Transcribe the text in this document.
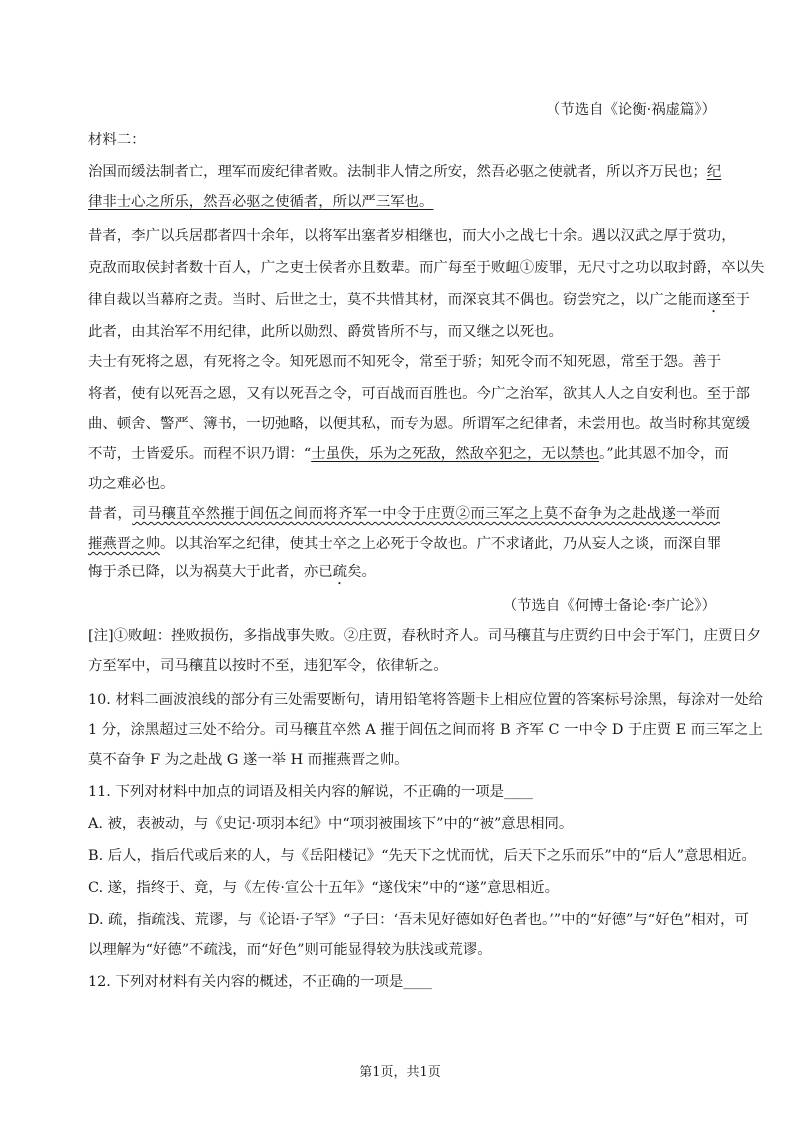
（节选自《论衡·祸虚篇》）
材料二：
治国而缓法制者亡，理军而废纪律者败。法制非人情之所安，然吾必驱之使就者，所以齐万民也；纪
律非士心之所乐，然吾必驱之使循者，所以严三军也。
昔者，李广以兵居郡者四十余年，以将军出塞者岁相继也，而大小之战七十余。遇以汉武之厚于赏功，
克敌而取侯封者数十百人，广之吏士侯者亦且数辈。而广每至于败衄①废罪，无尺寸之功以取封爵，卒以失
律自裁以当幕府之责。当时、后世之士，莫不共惜其材，而深哀其不偶也。窃尝究之，以广之能而遂至于
此者，由其治军不用纪律，此所以勋烈、爵赏皆所不与，而又继之以死也。
夫士有死将之恩，有死将之令。知死恩而不知死令，常至于骄；知死令而不知死恩，常至于怨。善于
将者，使有以死吾之恩，又有以死吾之令，可百战而百胜也。今广之治军，欲其人人之自安利也。至于部
曲、顿舍、警严、簿书，一切弛略，以便其私，而专为恩。所谓军之纪律者，未尝用也。故当时称其宽缓
不苛，士皆爱乐。而程不识乃谓：“士虽佚，乐为之死敌，然敌卒犯之，无以禁也。”此其恩不加令，而
功之难必也。
昔者，司马穰苴卒然摧于闾伍之间而将齐军一中令于庄贾②而三军之上莫不奋争为之赴战遂一举而
摧燕晋之帅。以其治军之纪律，使其士卒之上必死于令故也。广不求诸此，乃从妄人之谈，而深自罪
悔于杀已降，以为祸莫大于此者，亦已疏矣。
（节选自《何博士备论·李广论》）
[注]①败衄：挫败损伤，多指战事失败。②庄贾，春秋时齐人。司马穰苴与庄贾约日中会于军门，庄贾日夕
方至军中，司马穰苴以按时不至，违犯军令，依律斩之。
10. 材料二画波浪线的部分有三处需要断句，请用铅笔将答题卡上相应位置的答案标号涂黑，每涂对一处给
1 分，涂黑超过三处不给分。司马穰苴卒然 A 摧于闾伍之间而将 B 齐军 C 一中令 D 于庄贾 E 而三军之上
莫不奋争 F 为之赴战 G 遂一举 H 而摧燕晋之帅。
11. 下列对材料中加点的词语及相关内容的解说，不正确的一项是____
A. 被，表被动，与《史记·项羽本纪》中“项羽被围垓下”中的“被”意思相同。
B. 后人，指后代或后来的人，与《岳阳楼记》“先天下之忧而忧，后天下之乐而乐”中的“后人”意思相近。
C. 遂，指终于、竟，与《左传·宣公十五年》“遂伐宋”中的“遂”意思相近。
D. 疏，指疏浅、荒谬，与《论语·子罕》“子曰：‘吾未见好德如好色者也。’”中的“好德”与“好色”相对，可
以理解为“好德”不疏浅，而“好色”则可能显得较为肤浅或荒谬。
12. 下列对材料有关内容的概述，不正确的一项是____
第1页，共1页
